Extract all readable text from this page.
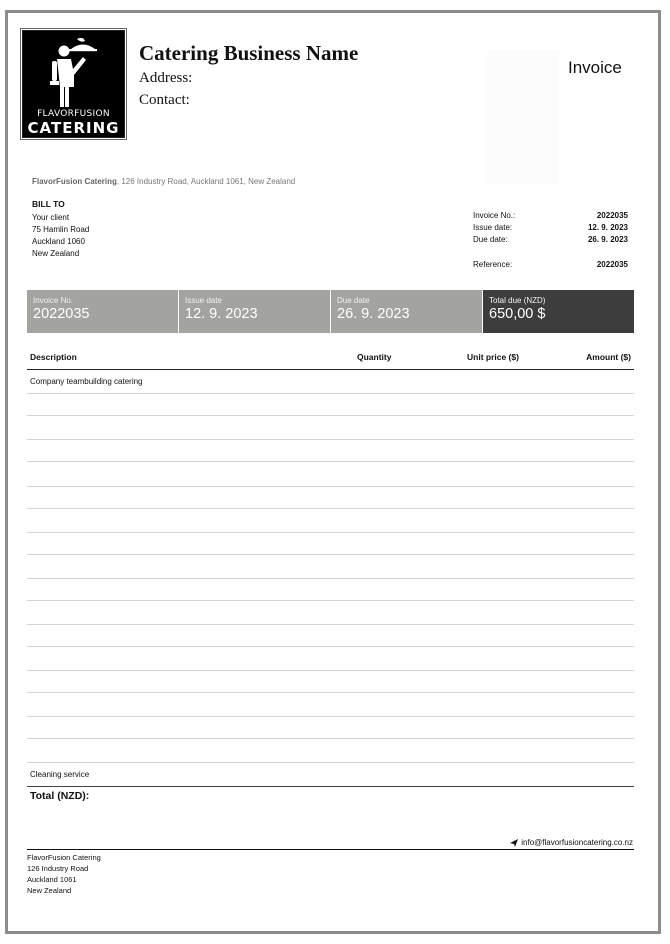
FLAVORFUSION
CATERING
Catering Business Name
Address:
Contact:
Invoice
FlavorFusion Catering, 126 Industry Road, Auckland 1061, New Zealand
BILL TO
Your client
75 Hamlin Road
Auckland 1060
New Zealand
Invoice No.:	2022035
Issue date:	12. 9. 2023
Due date:	26. 9. 2023
Reference:	2022035
Invoice No.
2022035
Issue date
12. 9. 2023
Due date
26. 9. 2023
Total due (NZD)
650,00 $
Description	Quantity	Unit price ($)	Amount ($)
Company teambuilding catering
Cleaning service
Total (NZD):
info@flavorfusioncatering.co.nz
FlavorFusion Catering
126 Industry Road
Auckland 1061
New Zealand
